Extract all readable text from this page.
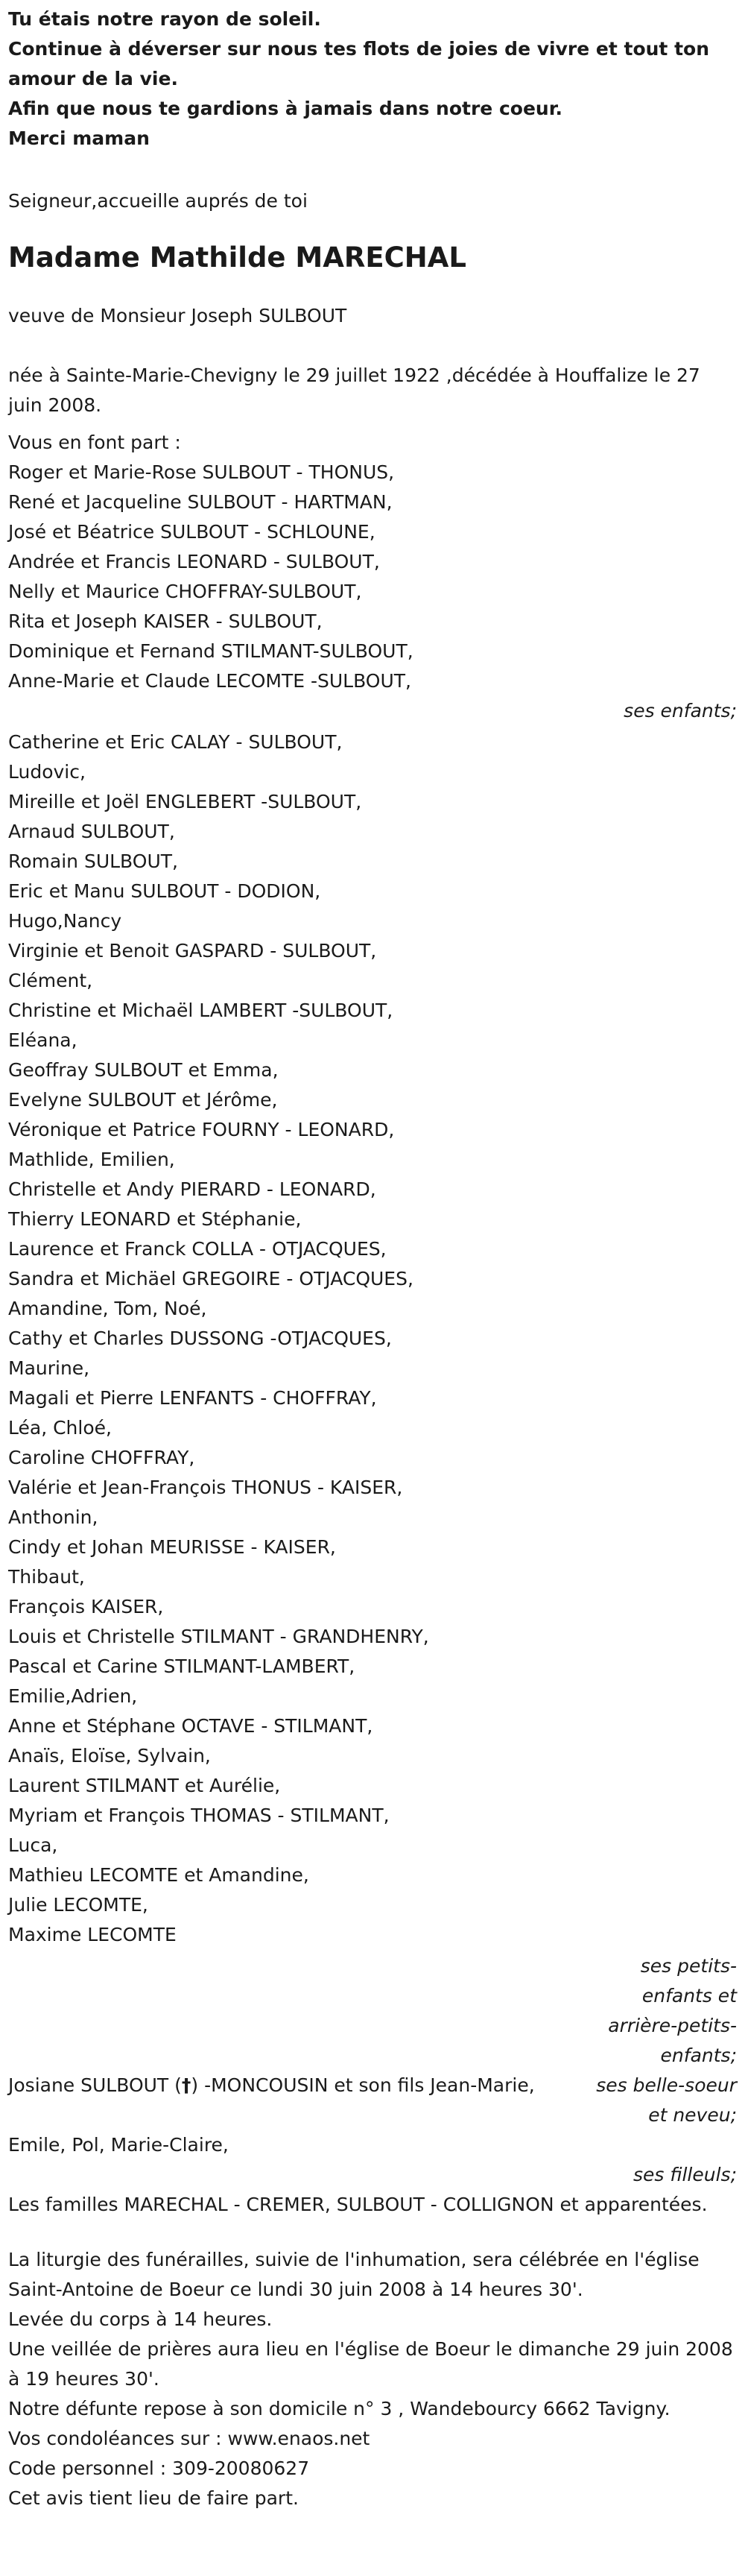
Tu étais notre rayon de soleil.

Continue à déverser sur nous tes flots de joies de vivre et tout ton amour de la vie.

Afin que nous te gardions à jamais dans notre coeur.

Merci maman

Seigneur,accueille auprés de toi

Madame Mathilde MARECHAL

veuve de Monsieur Joseph SULBOUT

née à Sainte-Marie-Chevigny le 29 juillet 1922 ,décédée à Houffalize le 27 juin 2008.

Vous en font part :

Roger et Marie-Rose SULBOUT - THONUS,

René et Jacqueline SULBOUT - HARTMAN,

José et Béatrice SULBOUT - SCHLOUNE,

Andrée et Francis LEONARD - SULBOUT,

Nelly et Maurice CHOFFRAY-SULBOUT,

Rita et Joseph KAISER - SULBOUT,

Dominique et Fernand STILMANT-SULBOUT,

Anne-Marie et Claude LECOMTE -SULBOUT,

ses enfants;

Catherine et Eric CALAY - SULBOUT,

Ludovic,

Mireille et Joël ENGLEBERT -SULBOUT,

Arnaud SULBOUT,

Romain SULBOUT,

Eric et Manu SULBOUT - DODION,

Hugo,Nancy

Virginie et Benoit GASPARD - SULBOUT,

Clément,

Christine et Michaël LAMBERT -SULBOUT,

Eléana,

Geoffray SULBOUT et Emma,

Evelyne SULBOUT et Jérôme,

Véronique et Patrice FOURNY - LEONARD,

Mathlide, Emilien,

Christelle et Andy PIERARD - LEONARD,

Thierry LEONARD et Stéphanie,

Laurence et Franck COLLA - OTJACQUES,

Sandra et Michäel GREGOIRE - OTJACQUES,

Amandine, Tom, Noé,

Cathy et Charles DUSSONG -OTJACQUES,

Maurine,

Magali et Pierre LENFANTS - CHOFFRAY,

Léa, Chloé,

Caroline CHOFFRAY,

Valérie et Jean-François THONUS - KAISER,

Anthonin,

Cindy et Johan MEURISSE - KAISER,

Thibaut,

François KAISER,

Louis et Christelle STILMANT - GRANDHENRY,

Pascal et Carine STILMANT-LAMBERT,

Emilie,Adrien,

Anne et Stéphane OCTAVE - STILMANT,

Anaïs, Eloïse, Sylvain,

Laurent STILMANT et Aurélie,

Myriam et François THOMAS - STILMANT,

Luca,

Mathieu LECOMTE et Amandine,

Julie LECOMTE,

Maxime LECOMTE

ses petits-enfants et arrière-petits-enfants;
Josiane SULBOUT (†) -MONCOUSIN et son fils Jean-Marie,	ses belle-soeur et neveu;

Emile, Pol, Marie-Claire,

ses filleuls;

Les familles MARECHAL - CREMER, SULBOUT - COLLIGNON et apparentées.

La liturgie des funérailles, suivie de l'inhumation, sera célébrée en l'église Saint-Antoine de Boeur ce lundi 30 juin 2008 à 14 heures 30'.

Levée du corps à 14 heures.

Une veillée de prières aura lieu en l'église de Boeur le dimanche 29 juin 2008 à 19 heures 30'.

Notre défunte repose à son domicile n° 3 , Wandebourcy 6662 Tavigny.

Vos condoléances sur : www.enaos.net

Code personnel : 309-20080627

Cet avis tient lieu de faire part.
